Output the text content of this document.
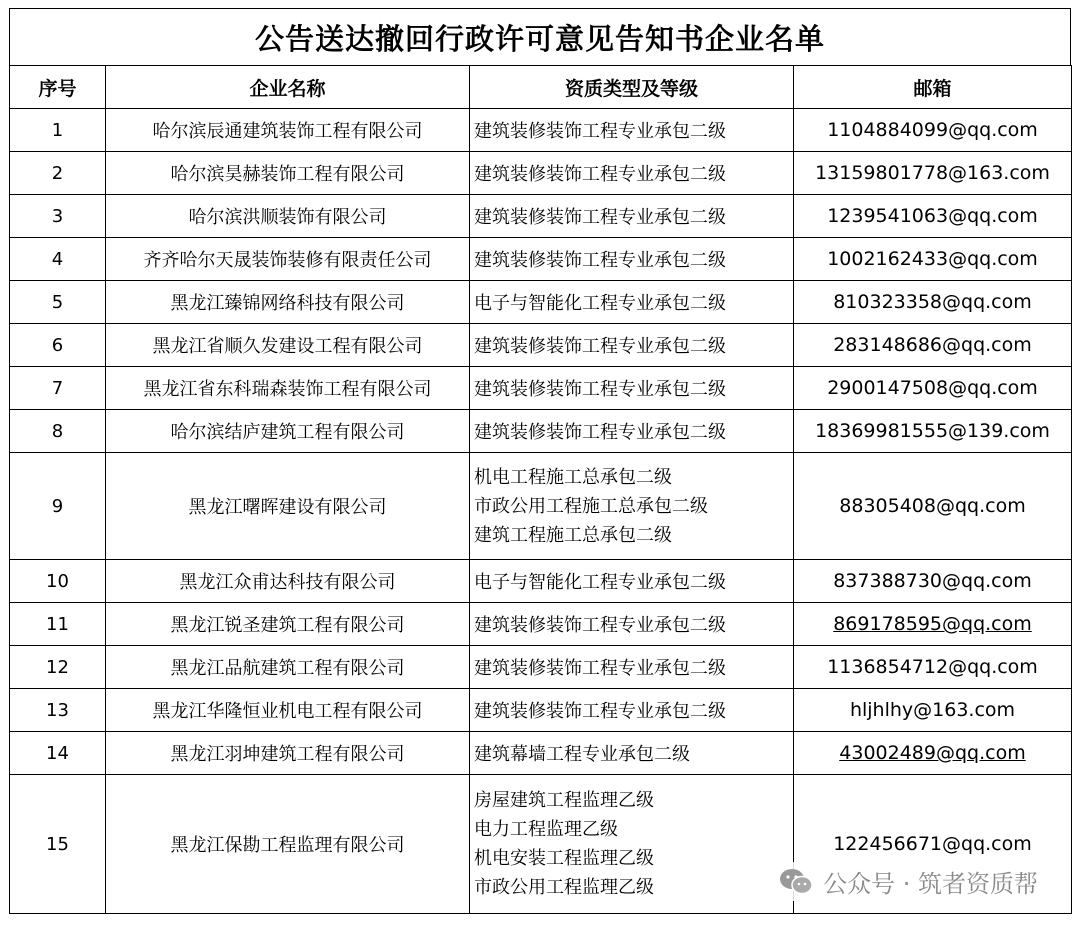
公告送达撤回行政许可意见告知书企业名单
序号	企业名称	资质类型及等级	邮箱
1	哈尔滨辰通建筑装饰工程有限公司	建筑装修装饰工程专业承包二级	1104884099@qq.com
2	哈尔滨昊赫装饰工程有限公司	建筑装修装饰工程专业承包二级	13159801778@163.com
3	哈尔滨洪顺装饰有限公司	建筑装修装饰工程专业承包二级	1239541063@qq.com
4	齐齐哈尔天晟装饰装修有限责任公司	建筑装修装饰工程专业承包二级	1002162433@qq.com
5	黑龙江臻锦网络科技有限公司	电子与智能化工程专业承包二级	810323358@qq.com
6	黑龙江省顺久发建设工程有限公司	建筑装修装饰工程专业承包二级	283148686@qq.com
7	黑龙江省东科瑞森装饰工程有限公司	建筑装修装饰工程专业承包二级	2900147508@qq.com
8	哈尔滨结庐建筑工程有限公司	建筑装修装饰工程专业承包二级	18369981555@139.com
9	黑龙江曙晖建设有限公司	机电工程施工总承包二级
市政公用工程施工总承包二级
建筑工程施工总承包二级	88305408@qq.com
10	黑龙江众甫达科技有限公司	电子与智能化工程专业承包二级	837388730@qq.com
11	黑龙江锐圣建筑工程有限公司	建筑装修装饰工程专业承包二级	869178595@qq.com
12	黑龙江品航建筑工程有限公司	建筑装修装饰工程专业承包二级	1136854712@qq.com
13	黑龙江华隆恒业机电工程有限公司	建筑装修装饰工程专业承包二级	hljhlhy@163.com
14	黑龙江羽坤建筑工程有限公司	建筑幕墙工程专业承包二级	43002489@qq.com
15	黑龙江保勘工程监理有限公司	房屋建筑工程监理乙级
电力工程监理乙级
机电安装工程监理乙级
市政公用工程监理乙级	122456671@qq.com
公众号 · 筑者资质帮
